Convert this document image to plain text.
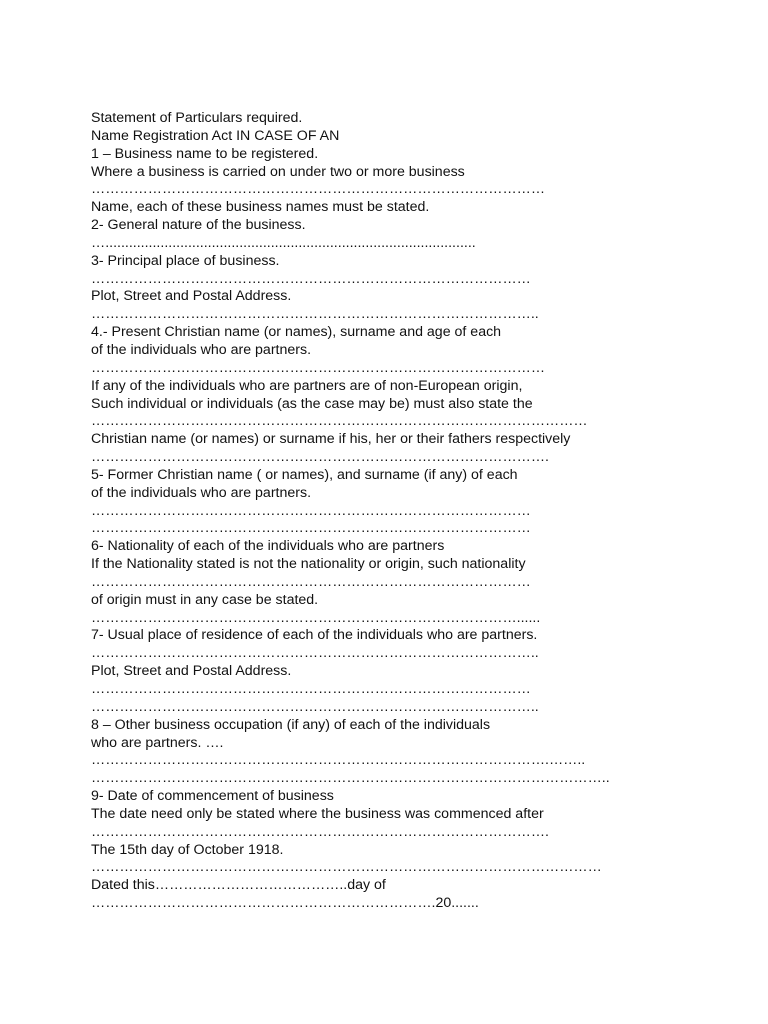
Statement of Particulars required.
Name Registration Act IN CASE OF AN
1 – Business name to be registered.
Where a business is carried on under two or more business
……………………………………………………………………………………
Name, each of these business names must be stated.
2- General nature of the business.
…..............................................................................................
3- Principal place of business.
…………………………………………………………………………………
Plot, Street and Postal Address.
…………………………………………………………………………………..
4.- Present Christian name (or names), surname and age of each
of the individuals who are partners.
……………………………………………………………………………………
If any of the individuals who are partners are of non-European origin,
Such individual or individuals (as the case may be) must also state the
……………………………………………………………………………………………
Christian name (or names) or surname if his, her or their fathers respectively
…………………………………………………………………………………….
5- Former Christian name ( or names), and surname (if any) of each
of the individuals who are partners.
…………………………………………………………………………………
…………………………………………………………………………………
6- Nationality of each of the individuals who are partners
If the Nationality stated is not the nationality or origin, such nationality
…………………………………………………………………………………
of origin must in any case be stated.
………………………………………………………………………………......
7- Usual place of residence of each of the individuals who are partners.
…………………………………………………………………………………..
Plot, Street and Postal Address.
…………………………………………………………………………………
…………………………………………………………………………………..
8 – Other business occupation (if any) of each of the individuals
who are partners. ….
…………………………………………………………………………………….……..
………………………………………………………………………………………………..
9- Date of commencement of business
The date need only be stated where the business was commenced after
…………………………………………………………………………………….
The 15th day of October 1918.
………………………………………………………………………………………………
Dated this…………………………………..day of
……………………………………………………………….20.......
